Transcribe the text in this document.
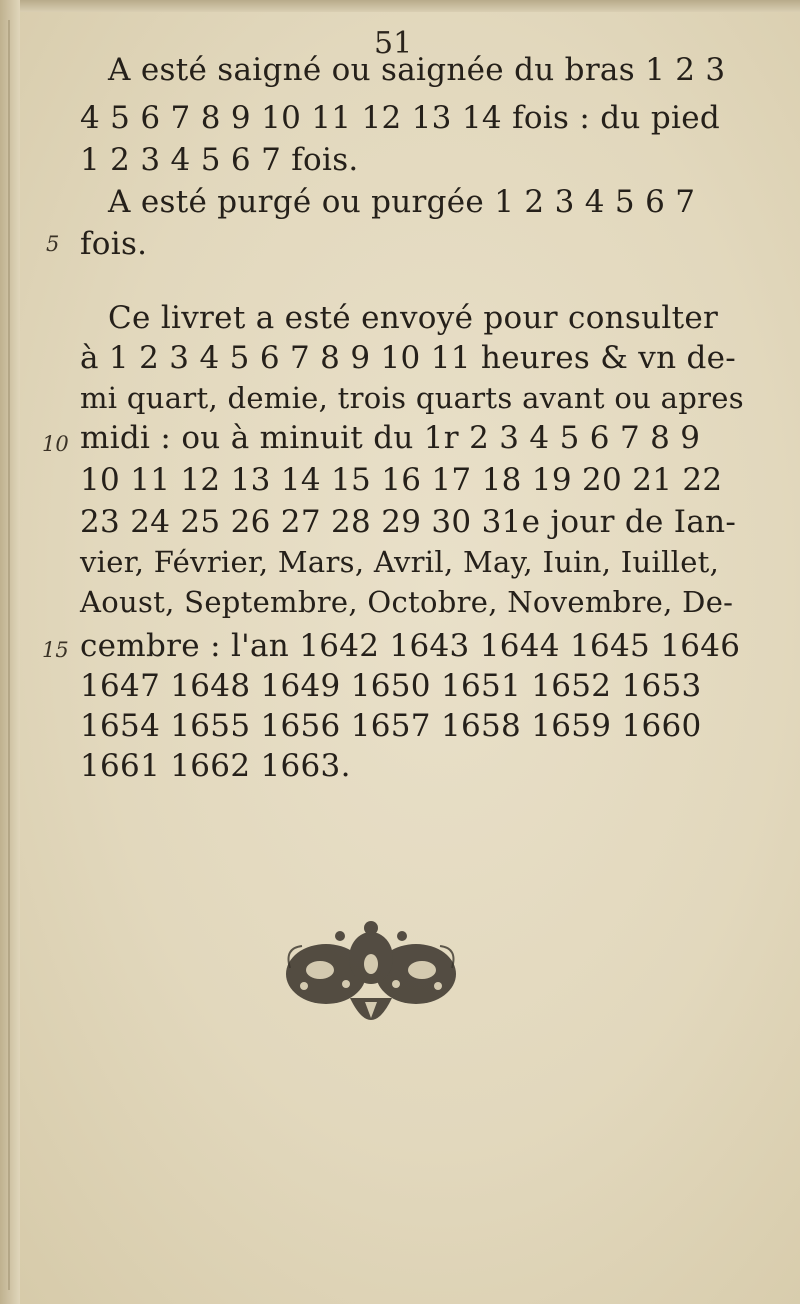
51
A esté saigné ou saignée du bras 1 2 3
4 5 6 7 8 9 10 11 12 13 14 fois : du pied
1 2 3 4 5 6 7 fois.
A esté purgé ou purgée 1 2 3 4 5 6 7
fois.
5
Ce livret a esté envoyé pour consulter
à 1 2 3 4 5 6 7 8 9 10 11 heures & vn de-
mi quart, demie, trois quarts avant ou apres
midi : ou à minuit du 1r 2 3 4 5 6 7 8 9
10 11 12 13 14 15 16 17 18 19 20 21 22
23 24 25 26 27 28 29 30 31e jour de Ian-
vier, Février, Mars, Avril, May, Iuin, Iuillet,
Aoust, Septembre, Octobre, Novembre, De-
cembre : l'an 1642 1643 1644 1645 1646
1647 1648 1649 1650 1651 1652 1653
1654 1655 1656 1657 1658 1659 1660
1661 1662 1663.
10
15
